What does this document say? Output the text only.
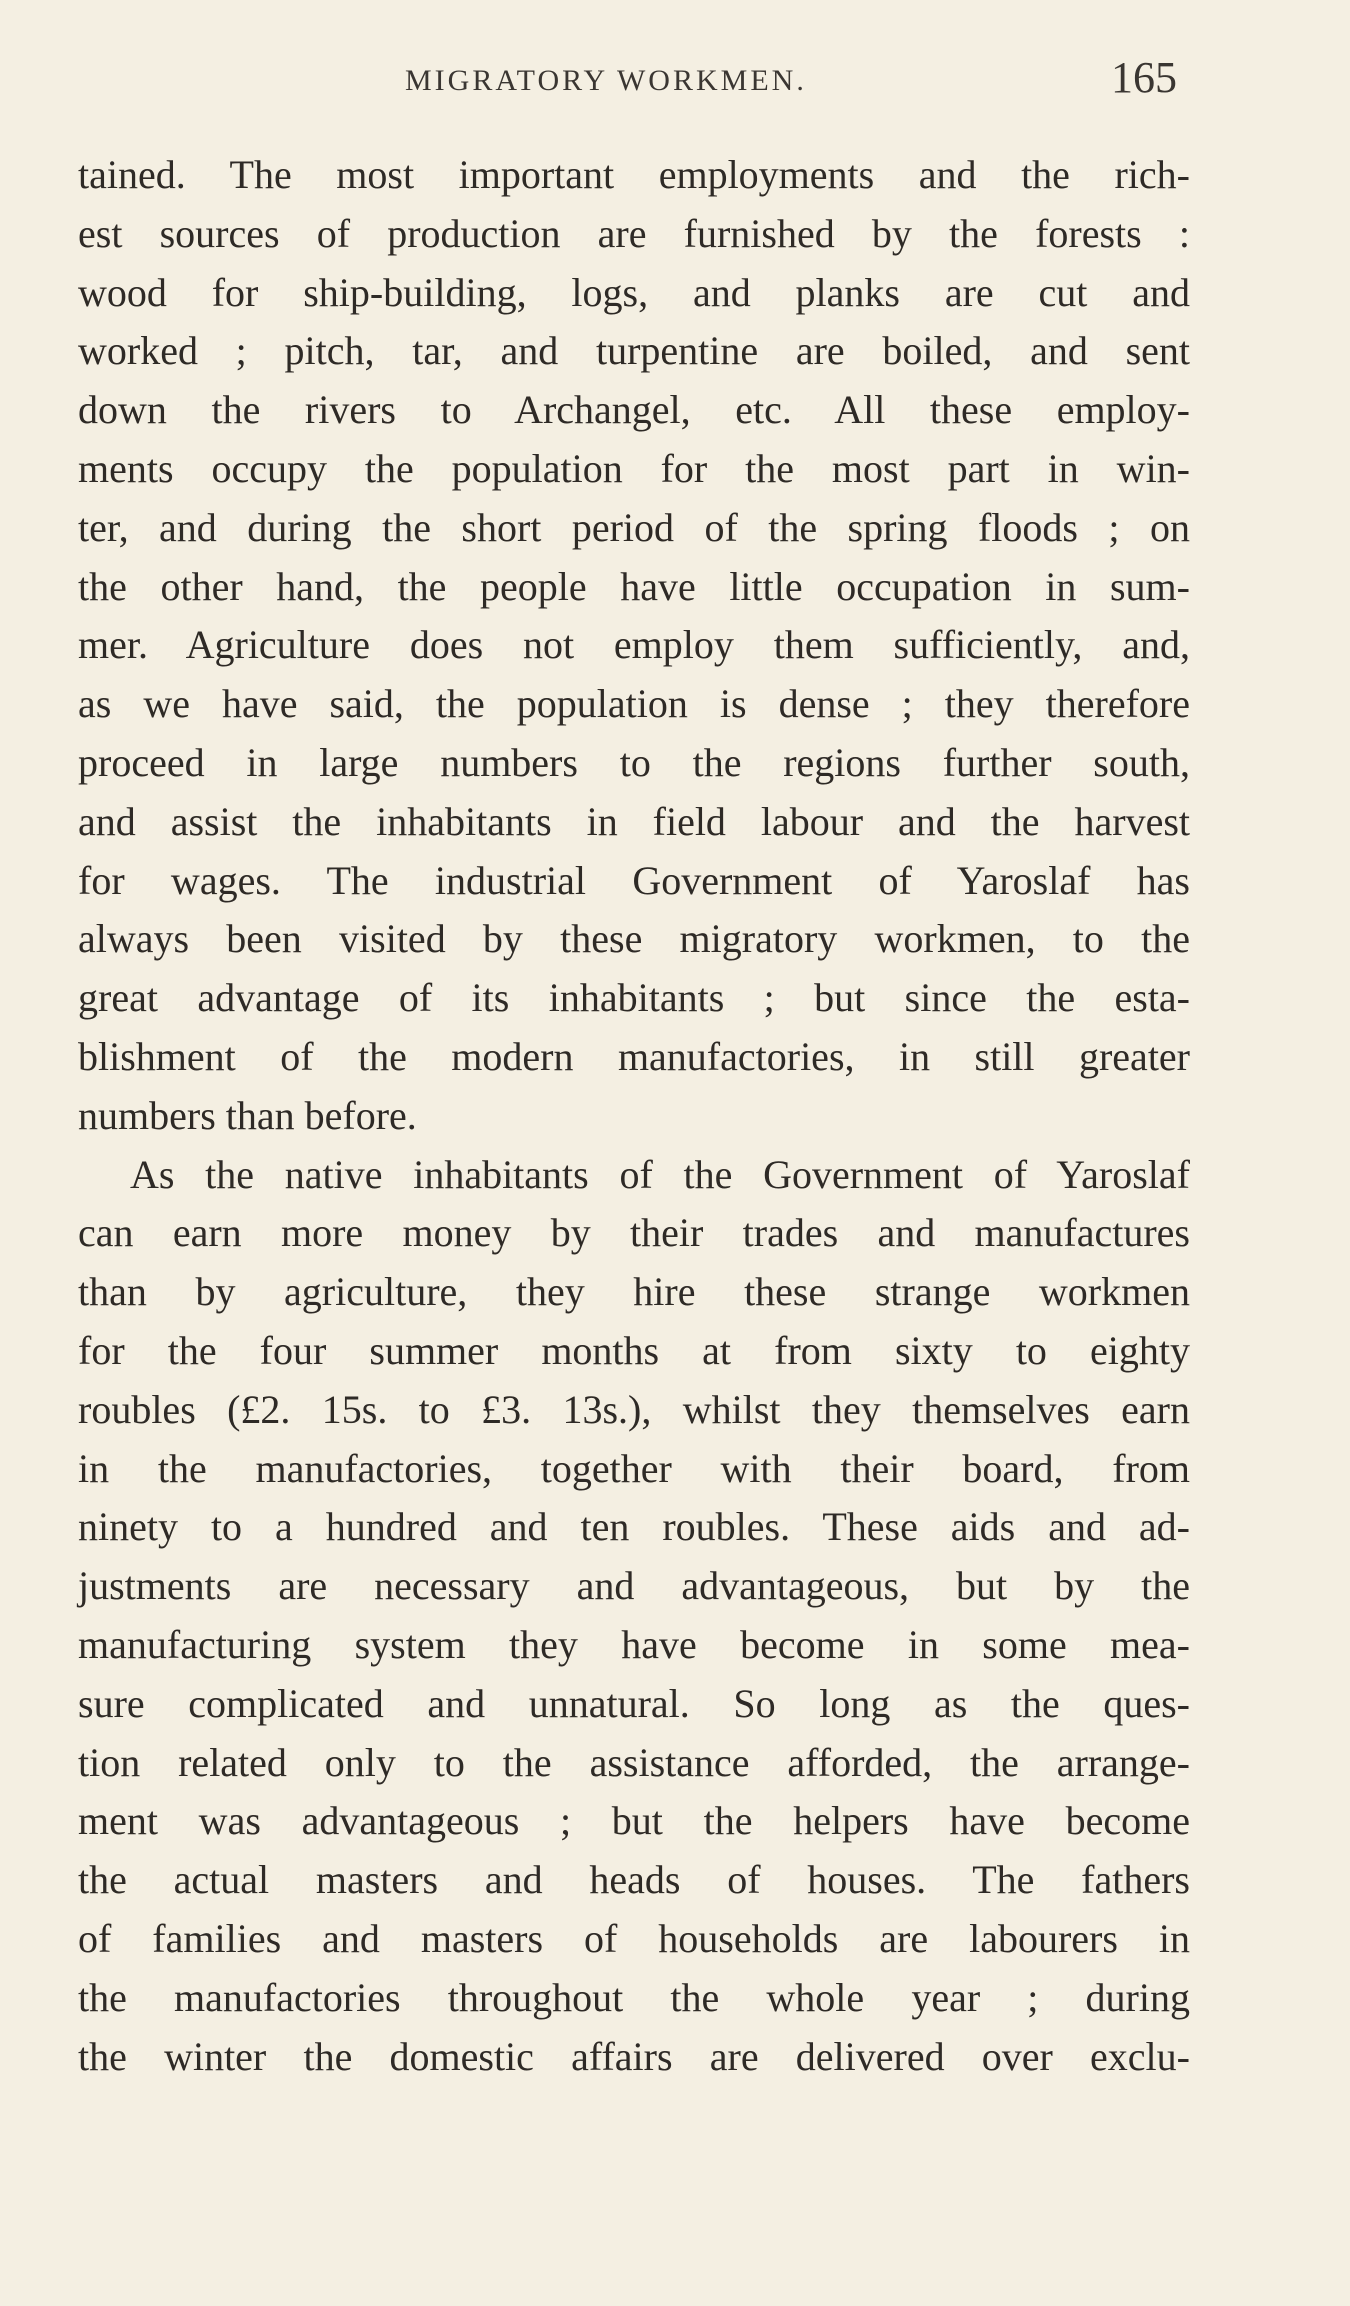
MIGRATORY WORKMEN.	165
tained. The most important employments and the rich-
est sources of production are furnished by the forests :
wood for ship-building, logs, and planks are cut and
worked ; pitch, tar, and turpentine are boiled, and sent
down the rivers to Archangel, etc. All these employ-
ments occupy the population for the most part in win-
ter, and during the short period of the spring floods ; on
the other hand, the people have little occupation in sum-
mer. Agriculture does not employ them sufficiently, and,
as we have said, the population is dense ; they therefore
proceed in large numbers to the regions further south,
and assist the inhabitants in field labour and the harvest
for wages. The industrial Government of Yaroslaf has
always been visited by these migratory workmen, to the
great advantage of its inhabitants ; but since the esta-
blishment of the modern manufactories, in still greater
numbers than before.
As the native inhabitants of the Government of Yaroslaf
can earn more money by their trades and manufactures
than by agriculture, they hire these strange workmen
for the four summer months at from sixty to eighty
roubles (£2. 15s. to £3. 13s.), whilst they themselves earn
in the manufactories, together with their board, from
ninety to a hundred and ten roubles. These aids and ad-
justments are necessary and advantageous, but by the
manufacturing system they have become in some mea-
sure complicated and unnatural. So long as the ques-
tion related only to the assistance afforded, the arrange-
ment was advantageous ; but the helpers have become
the actual masters and heads of houses. The fathers
of families and masters of households are labourers in
the manufactories throughout the whole year ; during
the winter the domestic affairs are delivered over exclu-
